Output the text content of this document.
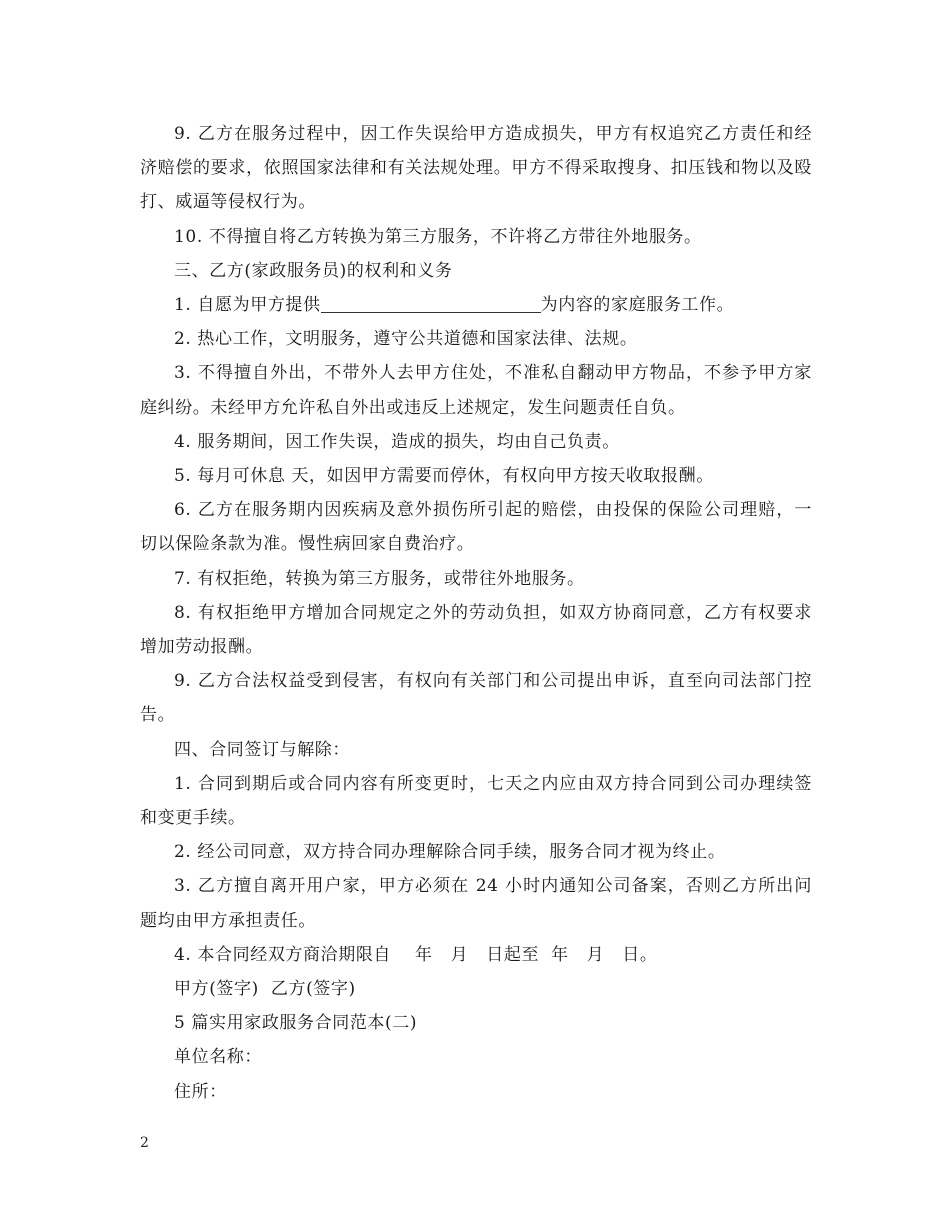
9. 乙方在服务过程中，因工作失误给甲方造成损失，甲方有权追究乙方责任和经济赔偿的要求，依照国家法律和有关法规处理。甲方不得采取搜身、扣压钱和物以及殴打、威逼等侵权行为。

10. 不得擅自将乙方转换为第三方服务，不许将乙方带往外地服务。

三、乙方(家政服务员)的权利和义务

1. 自愿为甲方提供	为内容的家庭服务工作。

2. 热心工作，文明服务，遵守公共道德和国家法律、法规。

3. 不得擅自外出，不带外人去甲方住处，不准私自翻动甲方物品，不参予甲方家庭纠纷。未经甲方允许私自外出或违反上述规定，发生问题责任自负。

4. 服务期间，因工作失误，造成的损失，均由自己负责。

5. 每月可休息 天，如因甲方需要而停休，有权向甲方按天收取报酬。

6. 乙方在服务期内因疾病及意外损伤所引起的赔偿，由投保的保险公司理赔，一切以保险条款为准。慢性病回家自费治疗。

7. 有权拒绝，转换为第三方服务，或带往外地服务。

8. 有权拒绝甲方增加合同规定之外的劳动负担，如双方协商同意，乙方有权要求增加劳动报酬。

9. 乙方合法权益受到侵害，有权向有关部门和公司提出申诉，直至向司法部门控告。

四、合同签订与解除：

1. 合同到期后或合同内容有所变更时，七天之内应由双方持合同到公司办理续签和变更手续。

2. 经公司同意，双方持合同办理解除合同手续，服务合同才视为终止。

3. 乙方擅自离开用户家，甲方必须在 24 小时内通知公司备案，否则乙方所出问题均由甲方承担责任。

4. 本合同经双方商洽期限自    年   月   日起至  年   月   日。

甲方(签字)  乙方(签字)

5 篇实用家政服务合同范本(二)

单位名称：

住所：

2
